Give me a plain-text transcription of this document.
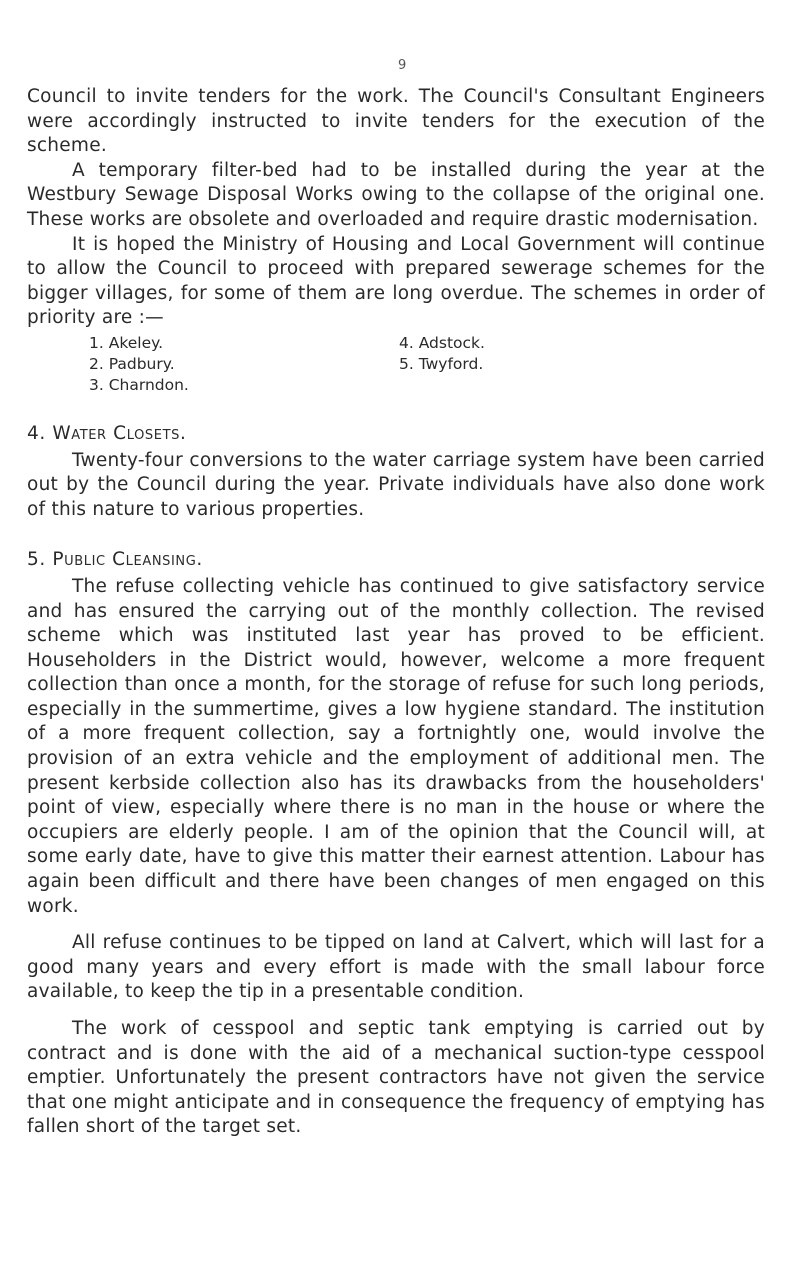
9

Council to invite tenders for the work. The Council's Consultant Engineers were accordingly instructed to invite tenders for the execution of the scheme.

A temporary filter-bed had to be installed during the year at the Westbury Sewage Disposal Works owing to the collapse of the original one. These works are obsolete and overloaded and require drastic modernisation.

It is hoped the Ministry of Housing and Local Government will continue to allow the Council to proceed with prepared sewerage schemes for the bigger villages, for some of them are long overdue. The schemes in order of priority are :—

1. Akeley.	4. Adstock.
2. Padbury.	5. Twyford.
3. Charndon.
4. Water Closets.

Twenty-four conversions to the water carriage system have been carried out by the Council during the year. Private individuals have also done work of this nature to various properties.

5. Public Cleansing.

The refuse collecting vehicle has continued to give satisfactory service and has ensured the carrying out of the monthly collection. The revised scheme which was instituted last year has proved to be efficient. Householders in the District would, however, welcome a more frequent collection than once a month, for the storage of refuse for such long periods, especially in the summertime, gives a low hygiene standard. The institution of a more frequent collection, say a fortnightly one, would involve the provision of an extra vehicle and the employment of additional men. The present kerbside collection also has its drawbacks from the householders' point of view, especially where there is no man in the house or where the occupiers are elderly people. I am of the opinion that the Council will, at some early date, have to give this matter their earnest attention. Labour has again been difficult and there have been changes of men engaged on this work.

All refuse continues to be tipped on land at Calvert, which will last for a good many years and every effort is made with the small labour force available, to keep the tip in a presentable condition.

The work of cesspool and septic tank emptying is carried out by contract and is done with the aid of a mechanical suction-type cesspool emptier. Unfortunately the present contractors have not given the service that one might anticipate and in consequence the frequency of emptying has fallen short of the target set.
